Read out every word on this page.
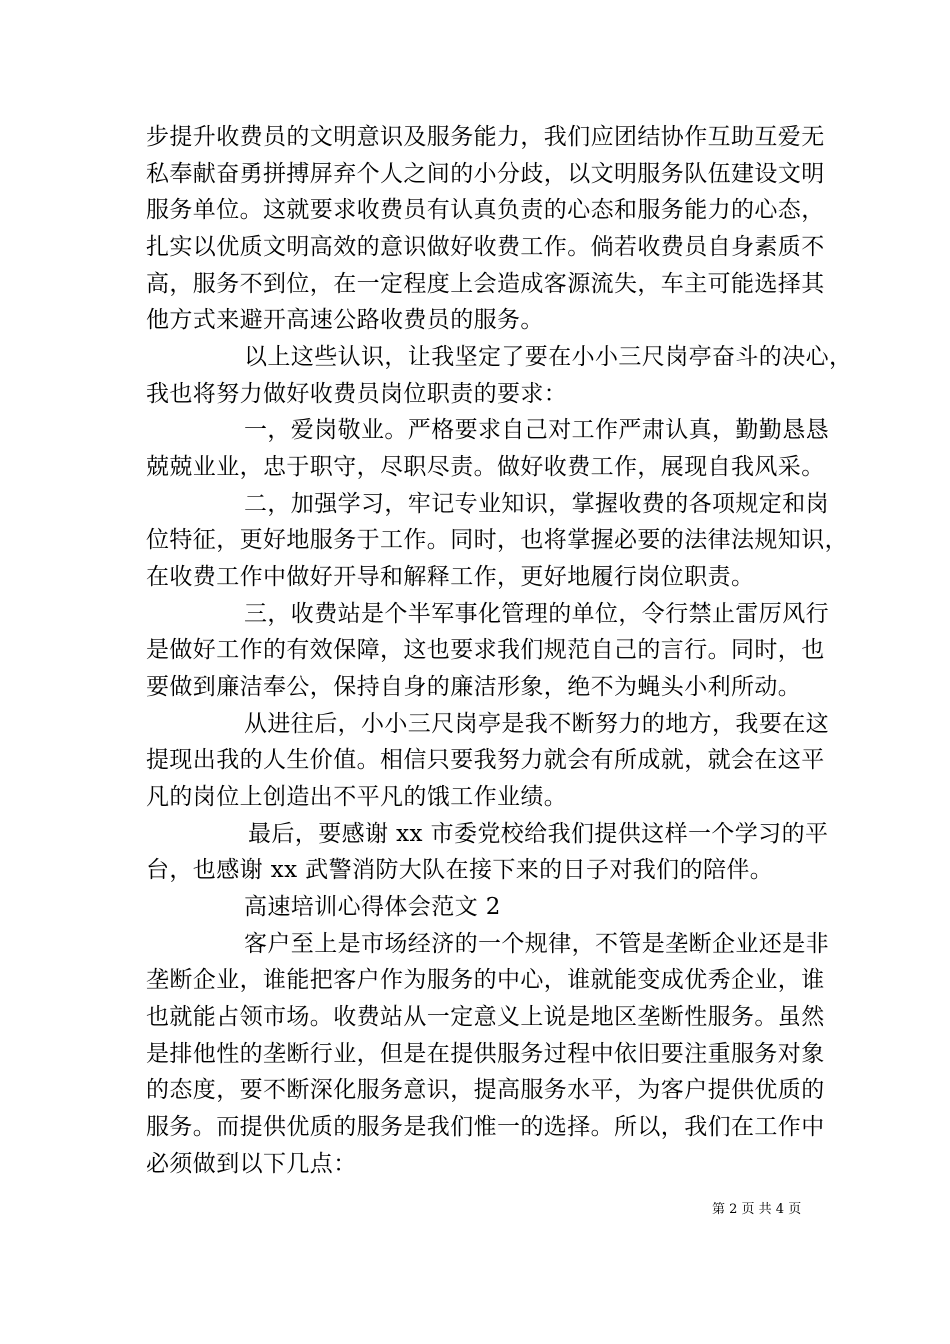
步提升收费员的文明意识及服务能力，我们应团结协作互助互爱无
私奉献奋勇拼搏屏弃个人之间的小分歧，以文明服务队伍建设文明
服务单位。这就要求收费员有认真负责的心态和服务能力的心态，
扎实以优质文明高效的意识做好收费工作。倘若收费员自身素质不
高，服务不到位，在一定程度上会造成客源流失，车主可能选择其
他方式来避开高速公路收费员的服务。
以上这些认识，让我坚定了要在小小三尺岗亭奋斗的决心，
我也将努力做好收费员岗位职责的要求：
一，爱岗敬业。严格要求自己对工作严肃认真，勤勤恳恳
兢兢业业，忠于职守，尽职尽责。做好收费工作，展现自我风采。
二，加强学习，牢记专业知识，掌握收费的各项规定和岗
位特征，更好地服务于工作。同时，也将掌握必要的法律法规知识，
在收费工作中做好开导和解释工作，更好地履行岗位职责。
三，收费站是个半军事化管理的单位，令行禁止雷厉风行
是做好工作的有效保障，这也要求我们规范自己的言行。同时，也
要做到廉洁奉公，保持自身的廉洁形象，绝不为蝇头小利所动。
从进往后，小小三尺岗亭是我不断努力的地方，我要在这
提现出我的人生价值。相信只要我努力就会有所成就，就会在这平
凡的岗位上创造出不平凡的饿工作业绩。
最后，要感谢 xx 市委党校给我们提供这样一个学习的平
台，也感谢 xx 武警消防大队在接下来的日子对我们的陪伴。
高速培训心得体会范文 2
客户至上是市场经济的一个规律，不管是垄断企业还是非
垄断企业，谁能把客户作为服务的中心，谁就能变成优秀企业，谁
也就能占领市场。收费站从一定意义上说是地区垄断性服务。虽然
是排他性的垄断行业，但是在提供服务过程中依旧要注重服务对象
的态度，要不断深化服务意识，提高服务水平，为客户提供优质的
服务。而提供优质的服务是我们惟一的选择。所以，我们在工作中
必须做到以下几点：
第 2 页 共 4 页
